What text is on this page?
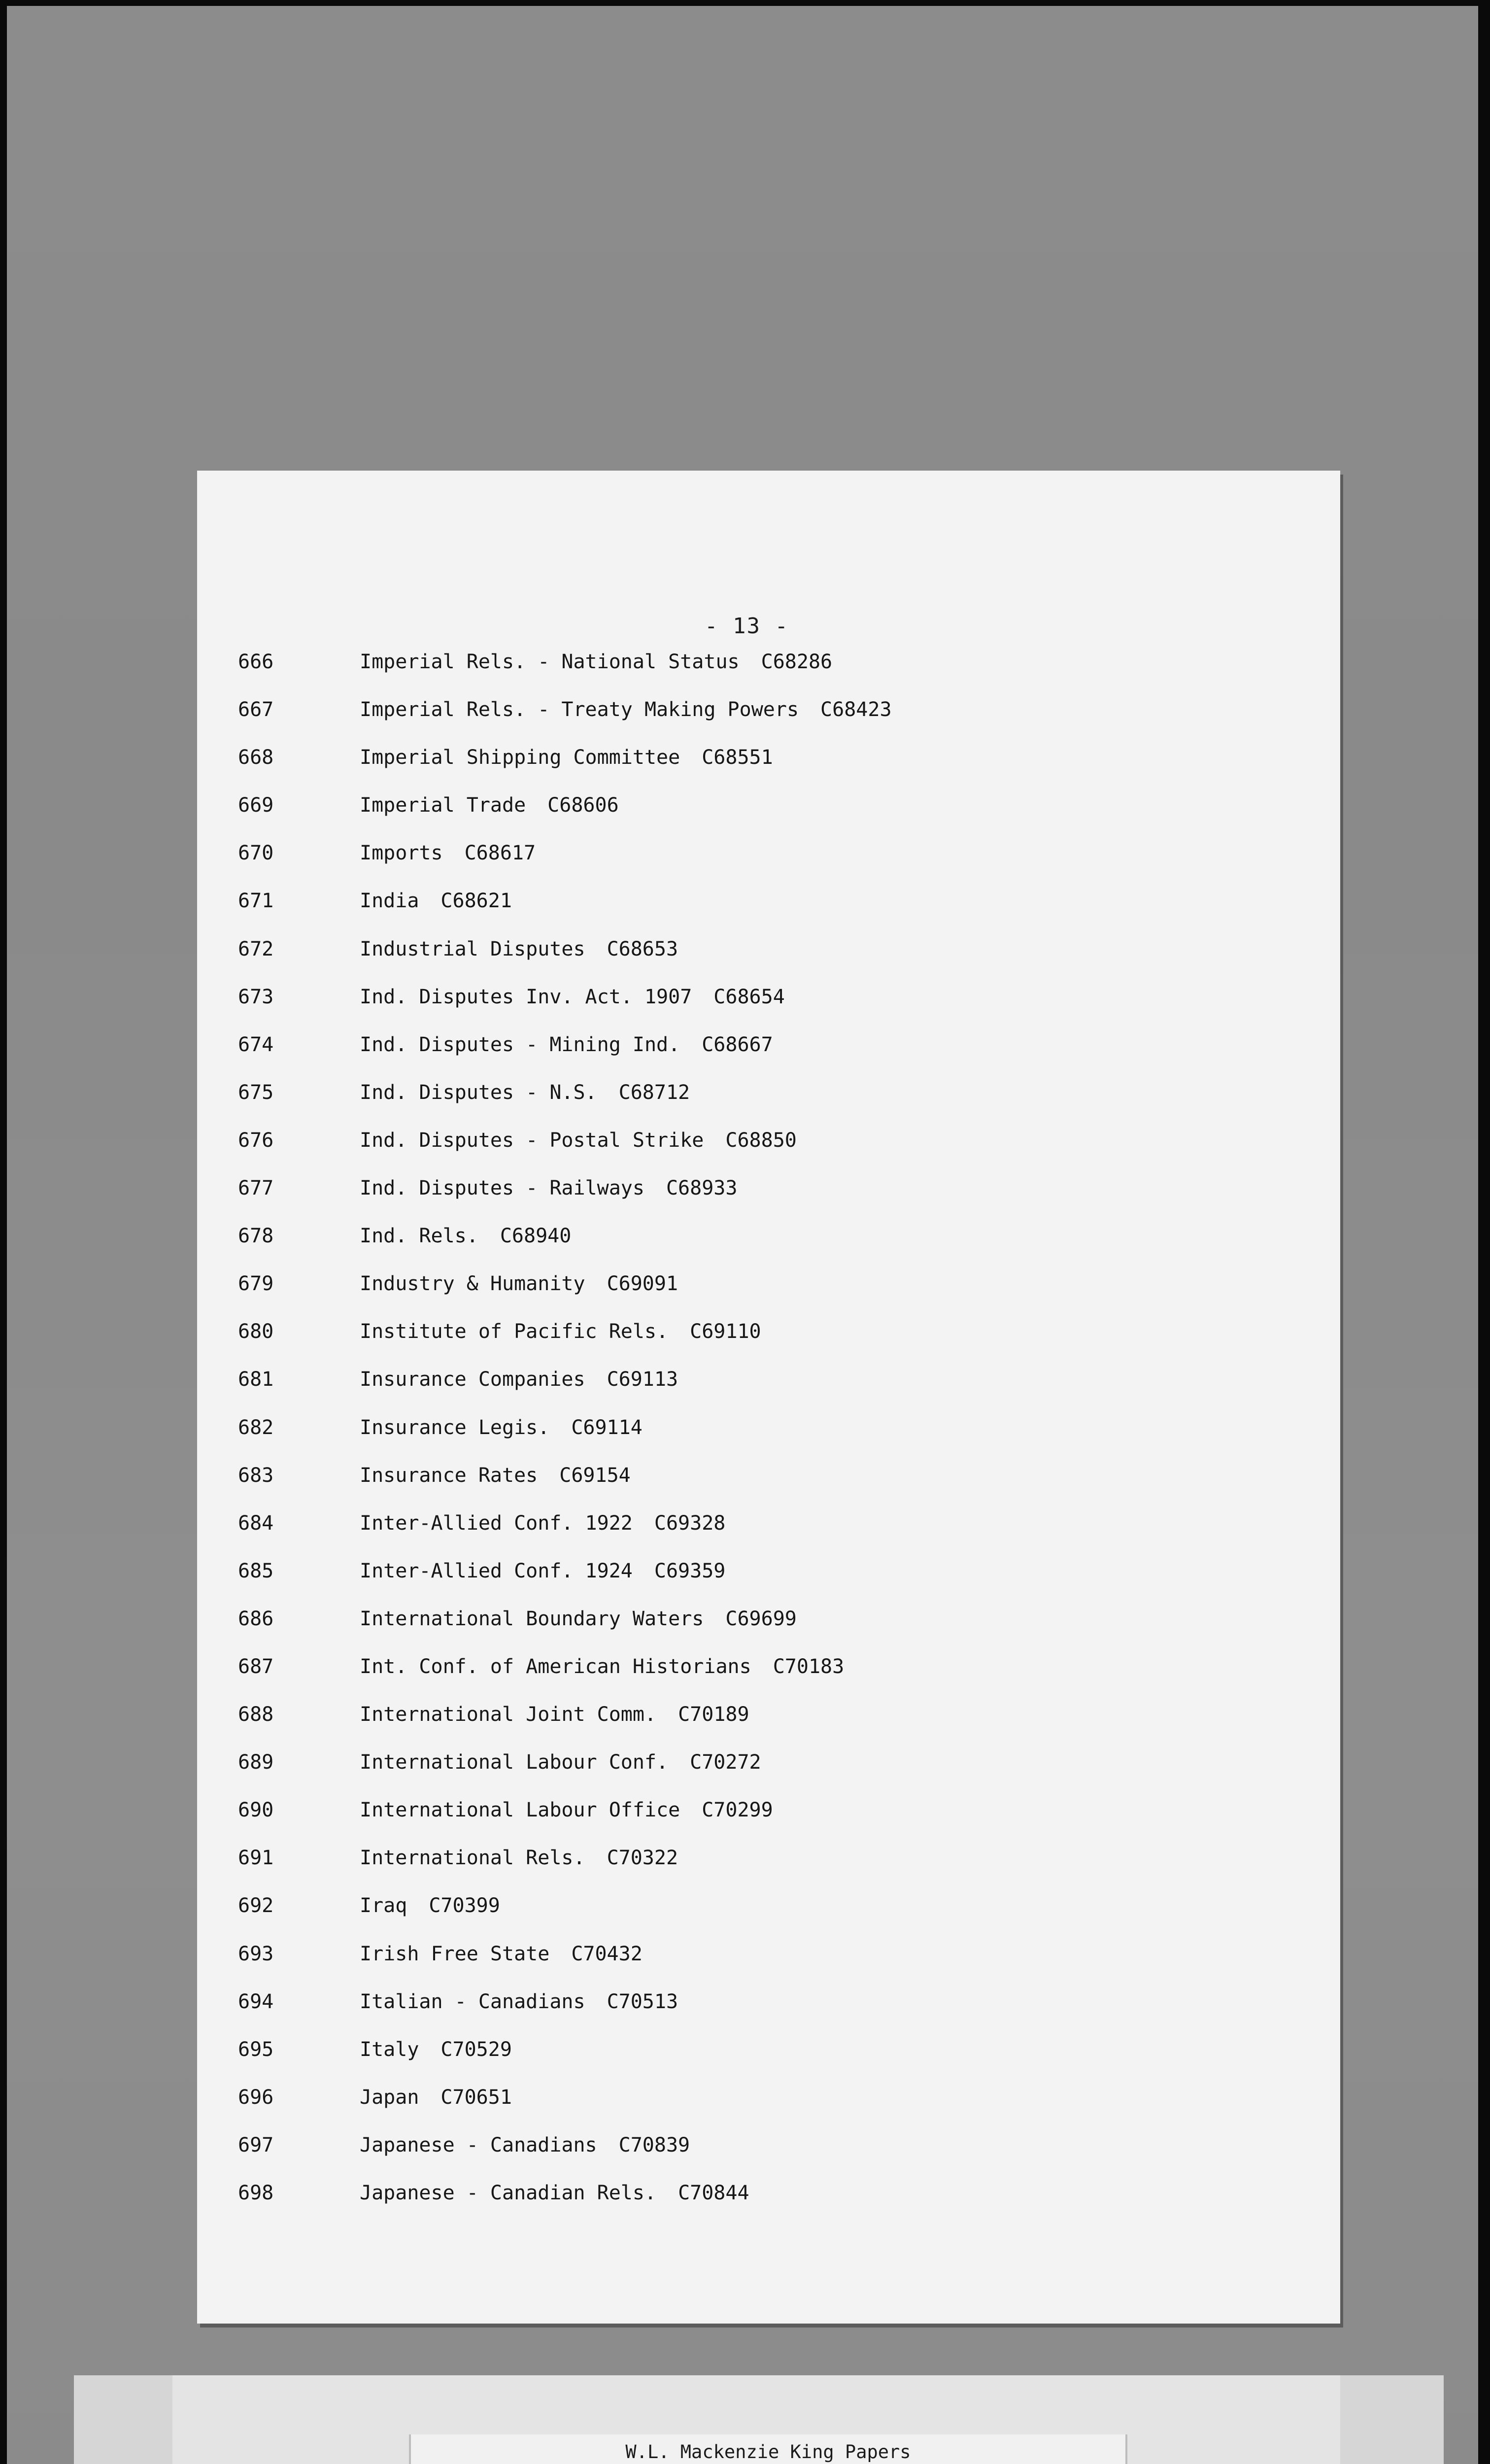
- 13 -
666	Imperial Rels. - National Status C68286
667	Imperial Rels. - Treaty Making Powers C68423
668	Imperial Shipping Committee C68551
669	Imperial Trade C68606
670	Imports C68617
671	India C68621
672	Industrial Disputes C68653
673	Ind. Disputes Inv. Act. 1907 C68654
674	Ind. Disputes - Mining Ind. C68667
675	Ind. Disputes - N.S. C68712
676	Ind. Disputes - Postal Strike C68850
677	Ind. Disputes - Railways C68933
678	Ind. Rels. C68940
679	Industry & Humanity C69091
680	Institute of Pacific Rels. C69110
681	Insurance Companies C69113
682	Insurance Legis. C69114
683	Insurance Rates C69154
684	Inter-Allied Conf. 1922 C69328
685	Inter-Allied Conf. 1924 C69359
686	International Boundary Waters C69699
687	Int. Conf. of American Historians C70183
688	International Joint Comm. C70189
689	International Labour Conf. C70272
690	International Labour Office C70299
691	International Rels. C70322
692	Iraq C70399
693	Irish Free State C70432
694	Italian - Canadians C70513
695	Italy C70529
696	Japan C70651
697	Japanese - Canadians C70839
698	Japanese - Canadian Rels. C70844
W.L. Mackenzie King Papers
